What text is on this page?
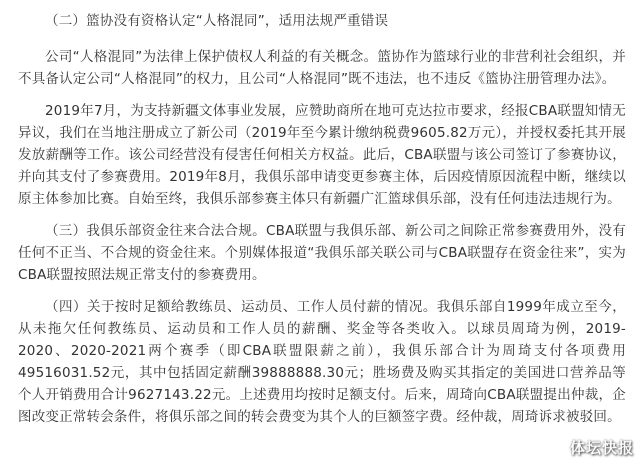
（二）篮协没有资格认定“人格混同”，适用法规严重错误

公司“人格混同”为法律上保护债权人利益的有关概念。篮协作为篮球行业的非营利社会组织，并不具备认定公司“人格混同”的权力，且公司“人格混同”既不违法，也不违反《篮协注册管理办法》。

2019年7月，为支持新疆文体事业发展，应赞助商所在地可克达拉市要求，经报CBA联盟知情无异议，我们在当地注册成立了新公司（2019年至今累计缴纳税费9605.82万元），并授权委托其开展发放薪酬等工作。该公司经营没有侵害任何相关方权益。此后，CBA联盟与该公司签订了参赛协议，并向其支付了参赛费用。2019年8月，我俱乐部申请变更参赛主体，后因疫情原因流程中断，继续以原主体参加比赛。自始至终，我俱乐部参赛主体只有新疆广汇篮球俱乐部，没有任何违法违规行为。

（三）我俱乐部资金往来合法合规。CBA联盟与我俱乐部、新公司之间除正常参赛费用外，没有任何不正当、不合规的资金往来。个别媒体报道“我俱乐部关联公司与CBA联盟存在资金往来”，实为CBA联盟按照法规正常支付的参赛费用。

（四）关于按时足额给教练员、运动员、工作人员付薪的情况。我俱乐部自1999年成立至今，从未拖欠任何教练员、运动员和工作人员的薪酬、奖金等各类收入。以球员周琦为例，2019-2020、2020-2021两个赛季（即CBA联盟限薪之前），我俱乐部合计为周琦支付各项费用49516031.52元，其中包括固定薪酬39888888.30元；胜场费及购买其指定的美国进口营养品等个人开销费用合计9627143.22元。上述费用均按时足额支付。后来，周琦向CBA联盟提出仲裁，企图改变正常转会条件，将俱乐部之间的转会费变为其个人的巨额签字费。经仲裁，周琦诉求被驳回。

体坛快报
